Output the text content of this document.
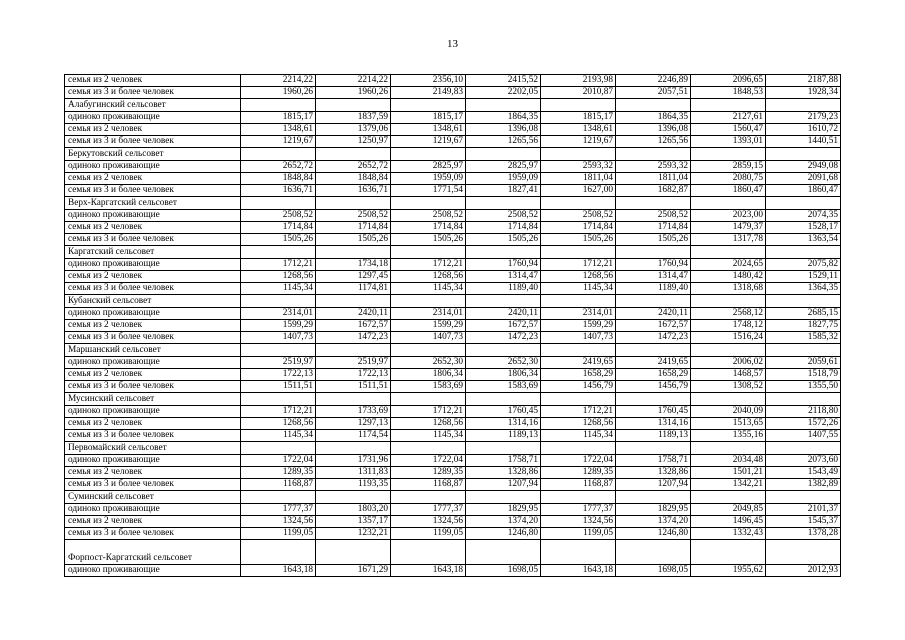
13
семья из 2 человек	2214,22	2214,22	2356,10	2415,52	2193,98	2246,89	2096,65	2187,88
семья из 3 и более человек	1960,26	1960,26	2149,83	2202,05	2010,87	2057,51	1848,53	1928,34
Алабугинский сельсовет								
одиноко проживающие	1815,17	1837,59	1815,17	1864,35	1815,17	1864,35	2127,61	2179,23
семья из 2 человек	1348,61	1379,06	1348,61	1396,08	1348,61	1396,08	1560,47	1610,72
семья из 3 и более человек	1219,67	1250,97	1219,67	1265,56	1219,67	1265,56	1393,01	1440,51
Беркутовский сельсовет								
одиноко проживающие	2652,72	2652,72	2825,97	2825,97	2593,32	2593,32	2859,15	2949,08
семья из 2 человек	1848,84	1848,84	1959,09	1959,09	1811,04	1811,04	2080,75	2091,68
семья из 3 и более человек	1636,71	1636,71	1771,54	1827,41	1627,00	1682,87	1860,47	1860,47
Верх-Каргатский сельсовет								
одиноко проживающие	2508,52	2508,52	2508,52	2508,52	2508,52	2508,52	2023,00	2074,35
семья из 2 человек	1714,84	1714,84	1714,84	1714,84	1714,84	1714,84	1479,37	1528,17
семья из 3 и более человек	1505,26	1505,26	1505,26	1505,26	1505,26	1505,26	1317,78	1363,54
Каргатский сельсовет								
одиноко проживающие	1712,21	1734,18	1712,21	1760,94	1712,21	1760,94	2024,65	2075,82
семья из 2 человек	1268,56	1297,45	1268,56	1314,47	1268,56	1314,47	1480,42	1529,11
семья из 3 и более человек	1145,34	1174,81	1145,34	1189,40	1145,34	1189,40	1318,68	1364,35
Кубанский сельсовет								
одиноко проживающие	2314,01	2420,11	2314,01	2420,11	2314,01	2420,11	2568,12	2685,15
семья из 2 человек	1599,29	1672,57	1599,29	1672,57	1599,29	1672,57	1748,12	1827,75
семья из 3 и более человек	1407,73	1472,23	1407,73	1472,23	1407,73	1472,23	1516,24	1585,32
Маршанский сельсовет								
одиноко проживающие	2519,97	2519,97	2652,30	2652,30	2419,65	2419,65	2006,02	2059,61
семья из 2 человек	1722,13	1722,13	1806,34	1806,34	1658,29	1658,29	1468,57	1518,79
семья из 3 и более человек	1511,51	1511,51	1583,69	1583,69	1456,79	1456,79	1308,52	1355,50
Мусинский сельсовет								
одиноко проживающие	1712,21	1733,69	1712,21	1760,45	1712,21	1760,45	2040,09	2118,80
семья из 2 человек	1268,56	1297,13	1268,56	1314,16	1268,56	1314,16	1513,65	1572,26
семья из 3 и более человек	1145,34	1174,54	1145,34	1189,13	1145,34	1189,13	1355,16	1407,55
Первомайский сельсовет								
одиноко проживающие	1722,04	1731,96	1722,04	1758,71	1722,04	1758,71	2034,48	2073,60
семья из 2 человек	1289,35	1311,83	1289,35	1328,86	1289,35	1328,86	1501,21	1543,49
семья из 3 и более человек	1168,87	1193,35	1168,87	1207,94	1168,87	1207,94	1342,21	1382,89
Суминский сельсовет								
одиноко проживающие	1777,37	1803,20	1777,37	1829,95	1777,37	1829,95	2049,85	2101,37
семья из 2 человек	1324,56	1357,17	1324,56	1374,20	1324,56	1374,20	1496,45	1545,37
семья из 3 и более человек	1199,05	1232,21	1199,05	1246,80	1199,05	1246,80	1332,43	1378,28
Форпост-Каргатский сельсовет								
одиноко проживающие	1643,18	1671,29	1643,18	1698,05	1643,18	1698,05	1955,62	2012,93
